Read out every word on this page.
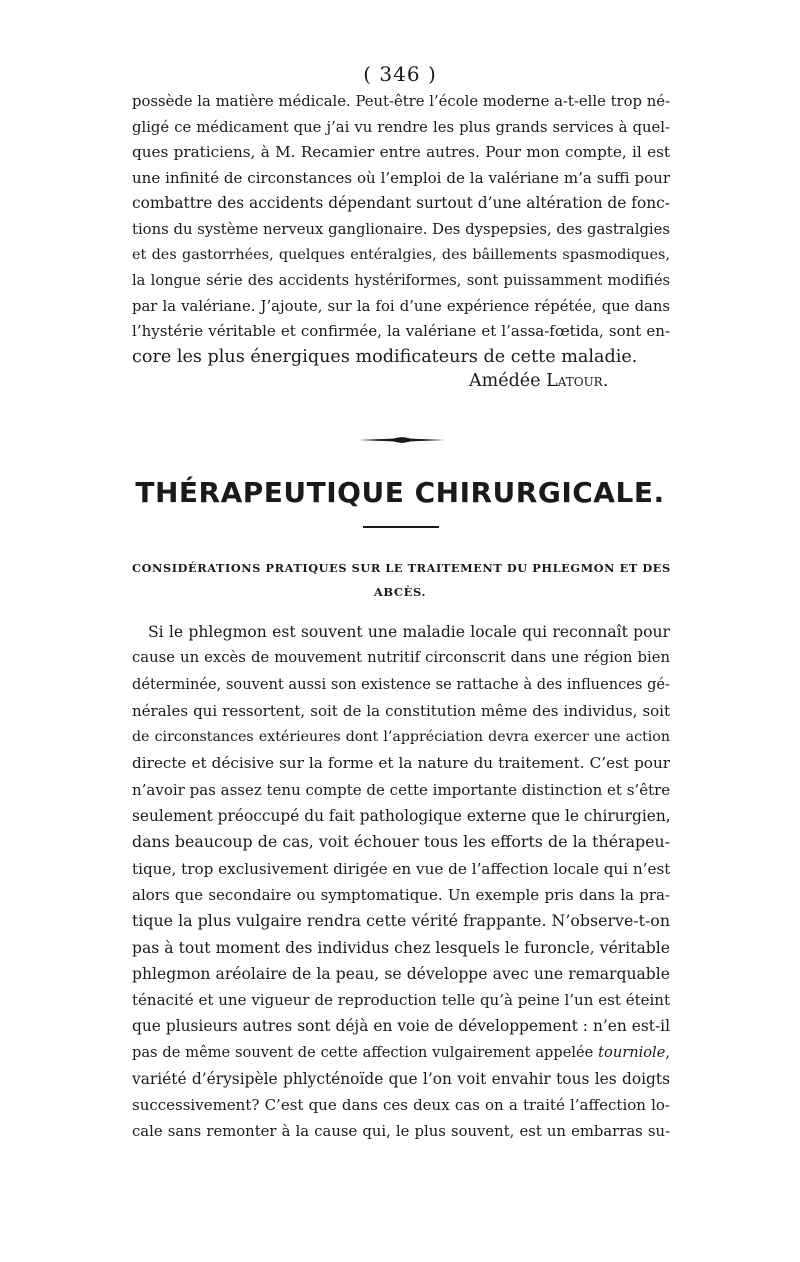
( 346 )
possède la matière médicale. Peut-être l’école moderne a-t-elle trop né-
gligé ce médicament que j’ai vu rendre les plus grands services à quel-
ques praticiens, à M. Recamier entre autres. Pour mon compte, il est
une infinité de circonstances où l’emploi de la valériane m’a suffi pour
combattre des accidents dépendant surtout d’une altération de fonc-
tions du système nerveux ganglionaire. Des dyspepsies, des gastralgies
et des gastorrhées, quelques entéralgies, des bâillements spasmodiques,
la longue série des accidents hystériformes, sont puissamment modifiés
par la valériane. J’ajoute, sur la foi d’une expérience répétée, que dans
l’hystérie véritable et confirmée, la valériane et l’assa-fœtida, sont en-
core les plus énergiques modificateurs de cette maladie.
Amédée Latour.
THÉRAPEUTIQUE CHIRURGICALE.
CONSIDÉRATIONS PRATIQUES SUR LE TRAITEMENT DU PHLEGMON ET DES
ABCÈS.
Si le phlegmon est souvent une maladie locale qui reconnaît pour
cause un excès de mouvement nutritif circonscrit dans une région bien
déterminée, souvent aussi son existence se rattache à des influences gé-
nérales qui ressortent, soit de la constitution même des individus, soit
de circonstances extérieures dont l’appréciation devra exercer une action
directe et décisive sur la forme et la nature du traitement. C’est pour
n’avoir pas assez tenu compte de cette importante distinction et s’être
seulement préoccupé du fait pathologique externe que le chirurgien,
dans beaucoup de cas, voit échouer tous les efforts de la thérapeu-
tique, trop exclusivement dirigée en vue de l’affection locale qui n’est
alors que secondaire ou symptomatique. Un exemple pris dans la pra-
tique la plus vulgaire rendra cette vérité frappante. N’observe-t-on
pas à tout moment des individus chez lesquels le furoncle, véritable
phlegmon aréolaire de la peau, se développe avec une remarquable
ténacité et une vigueur de reproduction telle qu’à peine l’un est éteint
que plusieurs autres sont déjà en voie de développement : n’en est-il
pas de même souvent de cette affection vulgairement appelée tourniole,
variété d’érysipèle phlycténoïde que l’on voit envahir tous les doigts
successivement? C’est que dans ces deux cas on a traité l’affection lo-
cale sans remonter à la cause qui, le plus souvent, est un embarras su-
